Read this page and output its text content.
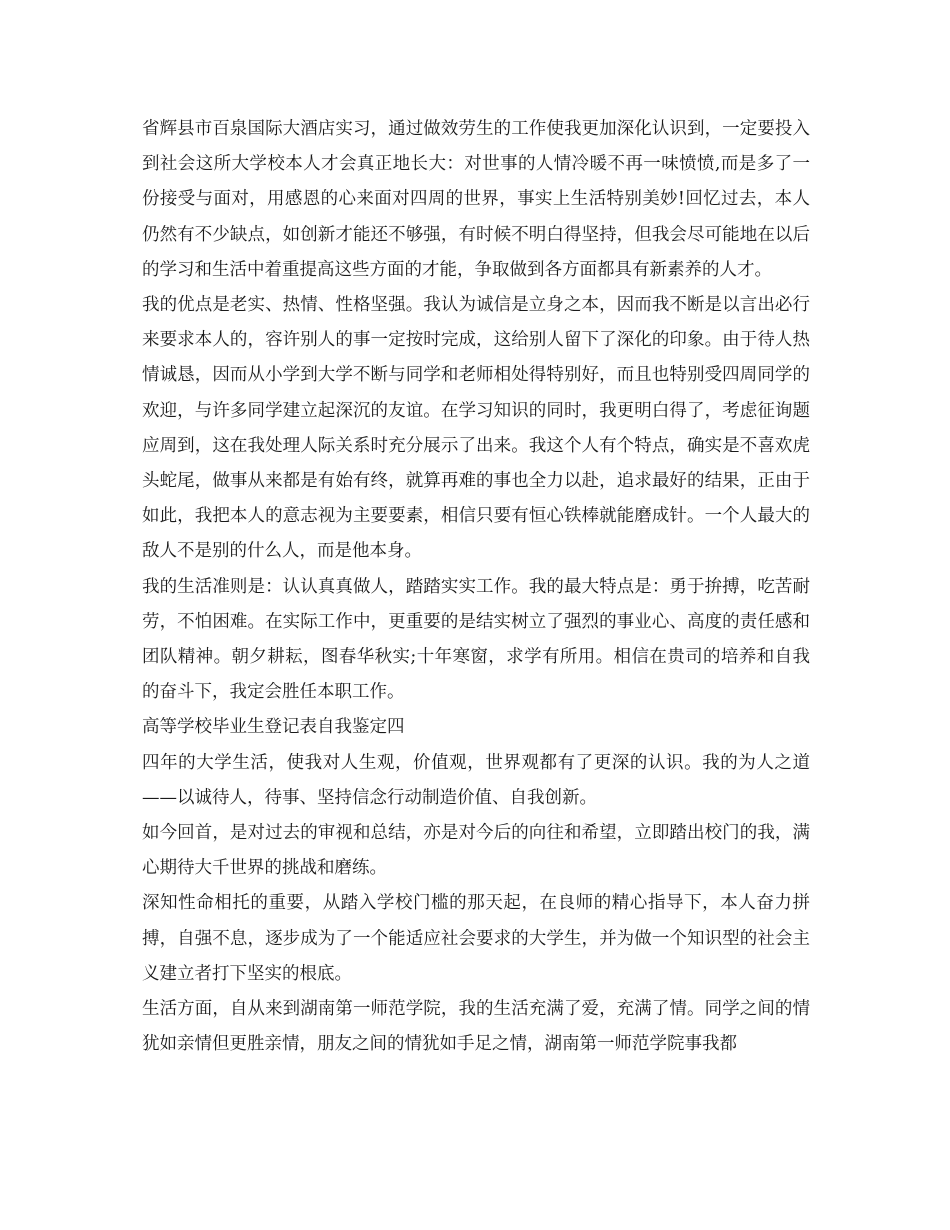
省辉县市百泉国际大酒店实习，通过做效劳生的工作使我更加深化认识到，一定要投入到社会这所大学校本人才会真正地长大：对世事的人情冷暖不再一味愤愤,而是多了一份接受与面对，用感恩的心来面对四周的世界，事实上生活特别美妙!回忆过去，本人仍然有不少缺点，如创新才能还不够强，有时候不明白得坚持，但我会尽可能地在以后的学习和生活中着重提高这些方面的才能，争取做到各方面都具有新素养的人才。

我的优点是老实、热情、性格坚强。我认为诚信是立身之本，因而我不断是以言出必行来要求本人的，容许别人的事一定按时完成，这给别人留下了深化的印象。由于待人热情诚恳，因而从小学到大学不断与同学和老师相处得特别好，而且也特别受四周同学的欢迎，与许多同学建立起深沉的友谊。在学习知识的同时，我更明白得了，考虑征询题应周到，这在我处理人际关系时充分展示了出来。我这个人有个特点，确实是不喜欢虎头蛇尾，做事从来都是有始有终，就算再难的事也全力以赴，追求最好的结果，正由于如此，我把本人的意志视为主要要素，相信只要有恒心铁棒就能磨成针。一个人最大的敌人不是别的什么人，而是他本身。

我的生活准则是：认认真真做人，踏踏实实工作。我的最大特点是：勇于拚搏，吃苦耐劳，不怕困难。在实际工作中，更重要的是结实树立了强烈的事业心、高度的责任感和团队精神。朝夕耕耘，图春华秋实;十年寒窗，求学有所用。相信在贵司的培养和自我的奋斗下，我定会胜任本职工作。

高等学校毕业生登记表自我鉴定四

四年的大学生活，使我对人生观，价值观，世界观都有了更深的认识。我的为人之道——以诚待人，待事、坚持信念行动制造价值、自我创新。

如今回首，是对过去的审视和总结，亦是对今后的向往和希望，立即踏出校门的我，满心期待大千世界的挑战和磨练。

深知性命相托的重要，从踏入学校门槛的那天起，在良师的精心指导下，本人奋力拼搏，自强不息，逐步成为了一个能适应社会要求的大学生，并为做一个知识型的社会主义建立者打下坚实的根底。

生活方面，自从来到湖南第一师范学院，我的生活充满了爱，充满了情。同学之间的情犹如亲情但更胜亲情，朋友之间的情犹如手足之情，湖南第一师范学院事我都
